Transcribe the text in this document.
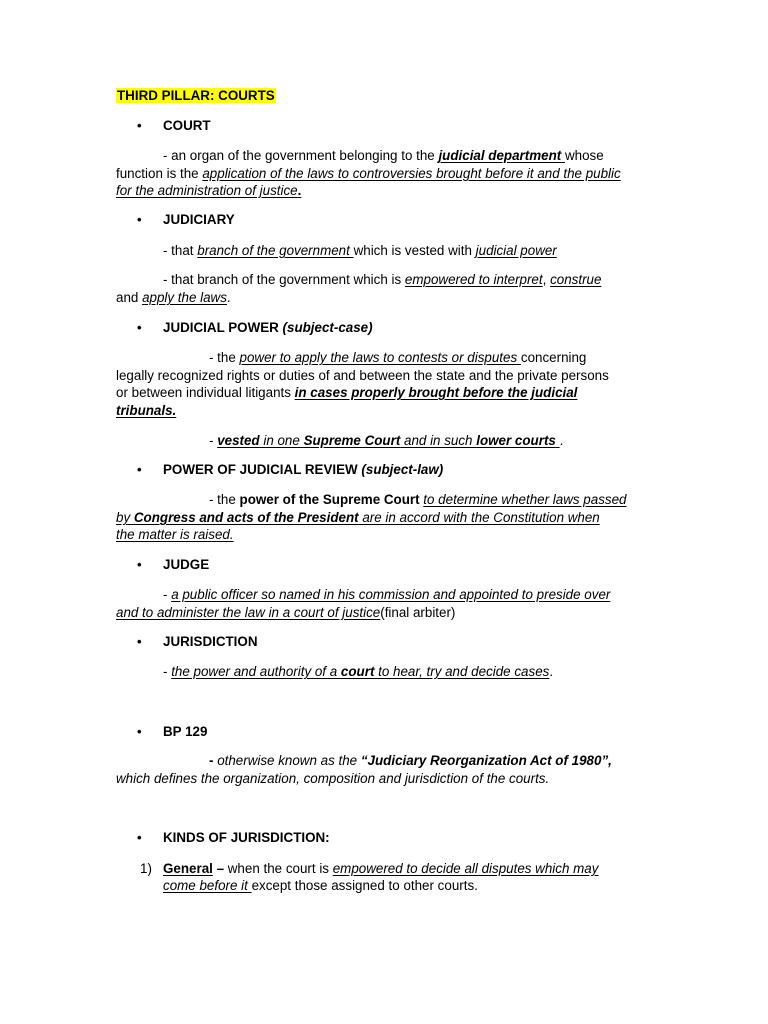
THIRD PILLAR: COURTS
• COURT
- an organ of the government belonging to the judicial department whose
function is the application of the laws to controversies brought before it and the public
for the administration of justice.
• JUDICIARY
- that branch of the government which is vested with judicial power
- that branch of the government which is empowered to interpret, construe
and apply the laws.
• JUDICIAL POWER (subject-case)
- the power to apply the laws to contests or disputes concerning
legally recognized rights or duties of and between the state and the private persons
or between individual litigants in cases properly brought before the judicial
tribunals.
- vested in one Supreme Court and in such lower courts .
• POWER OF JUDICIAL REVIEW (subject-law)
- the power of the Supreme Court to determine whether laws passed
by Congress and acts of the President are in accord with the Constitution when
the matter is raised.
• JUDGE
- a public officer so named in his commission and appointed to preside over
and to administer the law in a court of justice(final arbiter)
• JURISDICTION
- the power and authority of a court to hear, try and decide cases.
• BP 129
- otherwise known as the “Judiciary Reorganization Act of 1980”,
which defines the organization, composition and jurisdiction of the courts.
• KINDS OF JURISDICTION:
1) General – when the court is empowered to decide all disputes which may
come before it except those assigned to other courts.
